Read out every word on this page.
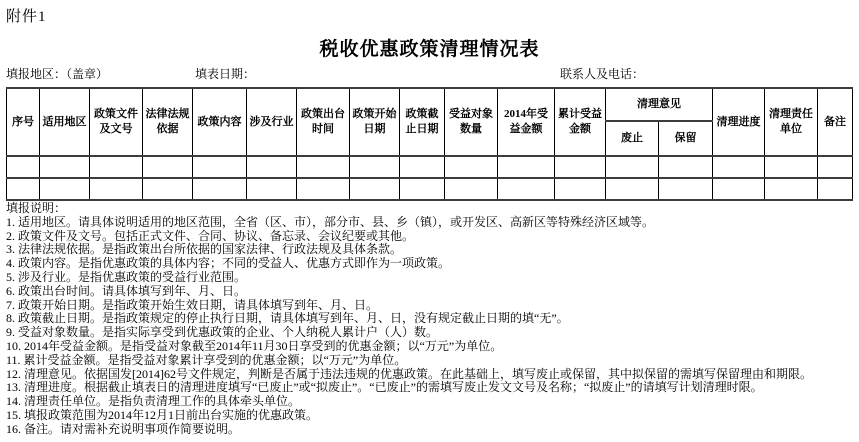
附件1
税收优惠政策清理情况表
填报地区：（盖章）	填表日期：	联系人及电话：
序号	适用地区	政策文件及文号	法律法规依据	政策内容	涉及行业	政策出台时间	政策开始日期	政策截止日期	受益对象数量	2014年受益金额	累计受益金额	清理意见		清理进度	清理责任单位	备注
												废止	保留			

填报说明：
1. 适用地区。请具体说明适用的地区范围，全省（区、市），部分市、县、乡（镇），或开发区、高新区等特殊经济区域等。
2. 政策文件及文号。包括正式文件、合同、协议、备忘录、会议纪要或其他。
3. 法律法规依据。是指政策出台所依据的国家法律、行政法规及具体条款。
4. 政策内容。是指优惠政策的具体内容；不同的受益人、优惠方式即作为一项政策。
5. 涉及行业。是指优惠政策的受益行业范围。
6. 政策出台时间。请具体填写到年、月、日。
7. 政策开始日期。是指政策开始生效日期，请具体填写到年、月、日。
8. 政策截止日期。是指政策规定的停止执行日期，请具体填写到年、月、日，没有规定截止日期的填“无”。
9. 受益对象数量。是指实际享受到优惠政策的企业、个人纳税人累计户（人）数。
10. 2014年受益金额。是指受益对象截至2014年11月30日享受到的优惠金额；以“万元”为单位。
11. 累计受益金额。是指受益对象累计享受到的优惠金额；以“万元”为单位。
12. 清理意见。依据国发[2014]62号文件规定，判断是否属于违法违规的优惠政策。在此基础上，填写废止或保留，其中拟保留的需填写保留理由和期限。
13. 清理进度。根据截止填表日的清理进度填写“已废止”或“拟废止”。“已废止”的需填写废止发文文号及名称；“拟废止”的请填写计划清理时限。
14. 清理责任单位。是指负责清理工作的具体牵头单位。
15. 填报政策范围为2014年12月1日前出台实施的优惠政策。
16. 备注。请对需补充说明事项作简要说明。
